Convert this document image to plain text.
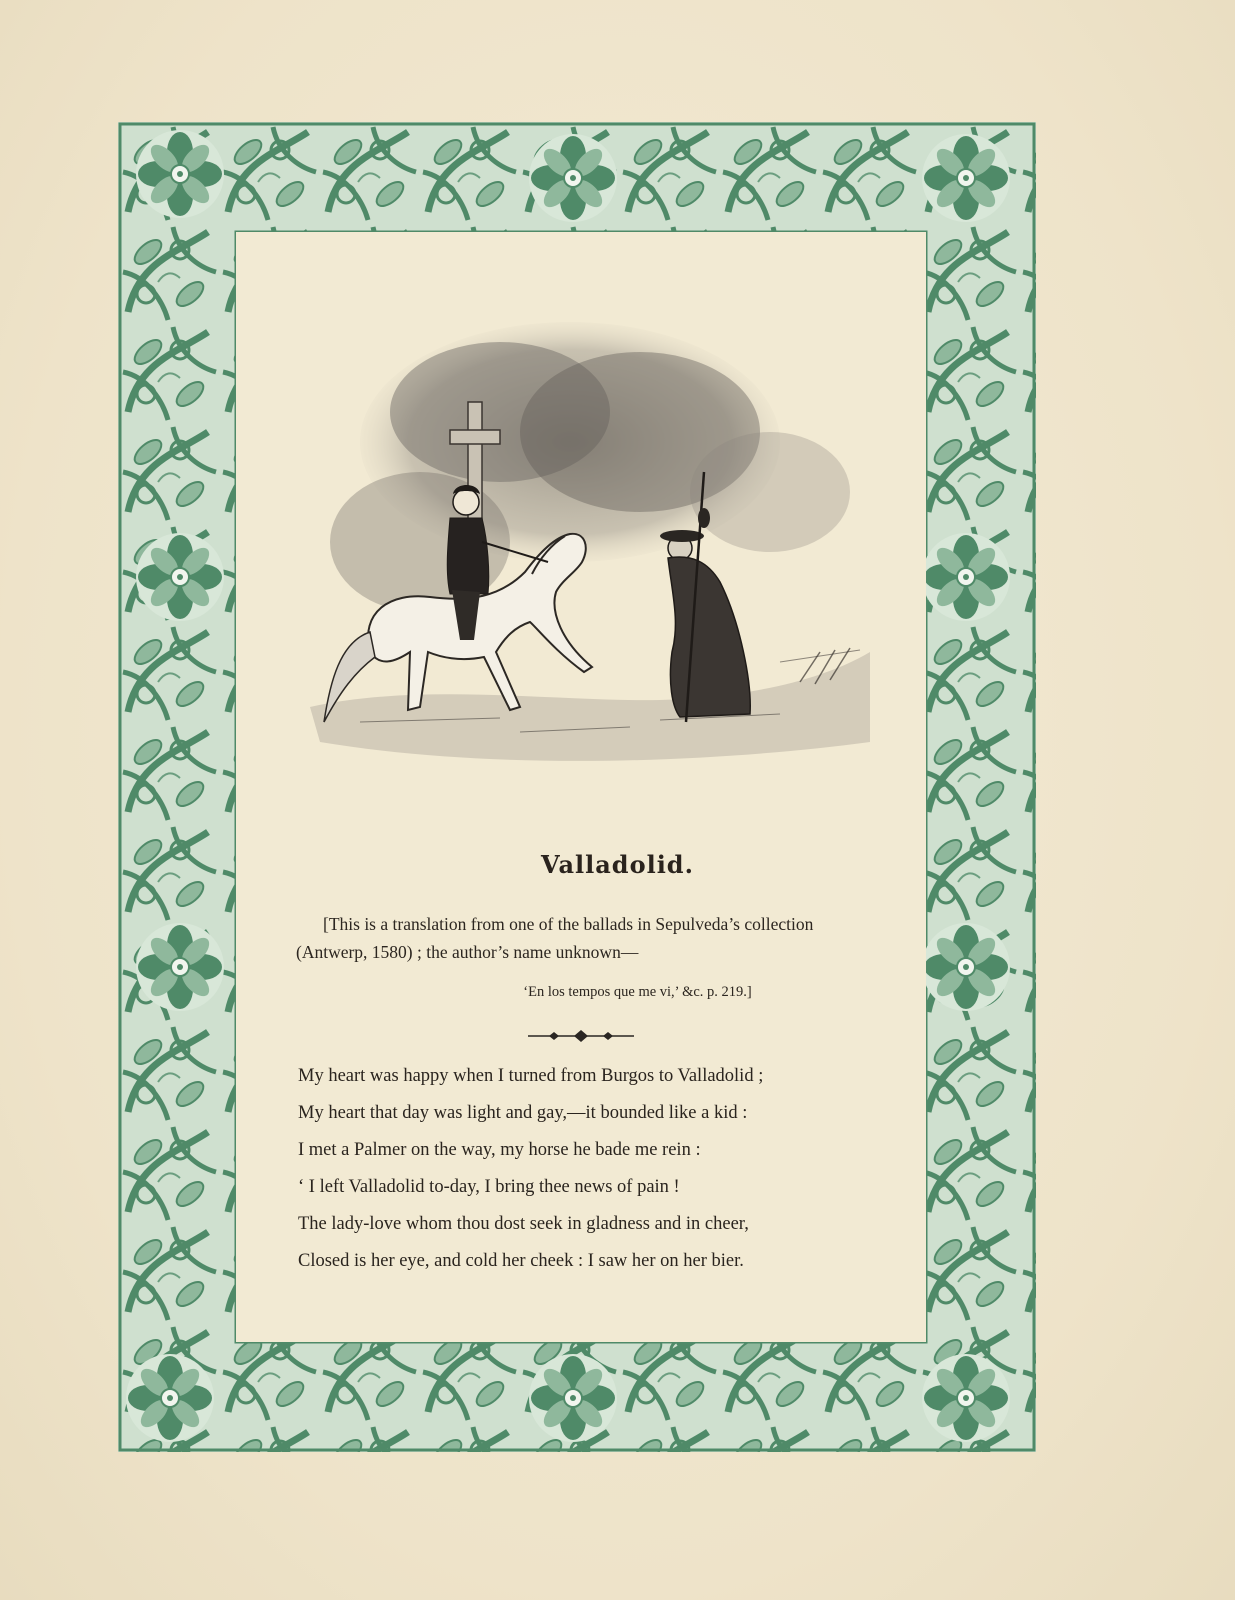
Valladolid.
[This is a translation from one of the ballads in Sepulveda’s collection
(Antwerp, 1580) ; the author’s name unknown—
‘En los tempos que me vi,’ &c. p. 219.]
My heart was happy when I turned from Burgos to Valladolid ;
My heart that day was light and gay,—it bounded like a kid :
I met a Palmer on the way, my horse he bade me rein :
‘ I left Valladolid to-day, I bring thee news of pain !
The lady-love whom thou dost seek in gladness and in cheer,
Closed is her eye, and cold her cheek : I saw her on her bier.
